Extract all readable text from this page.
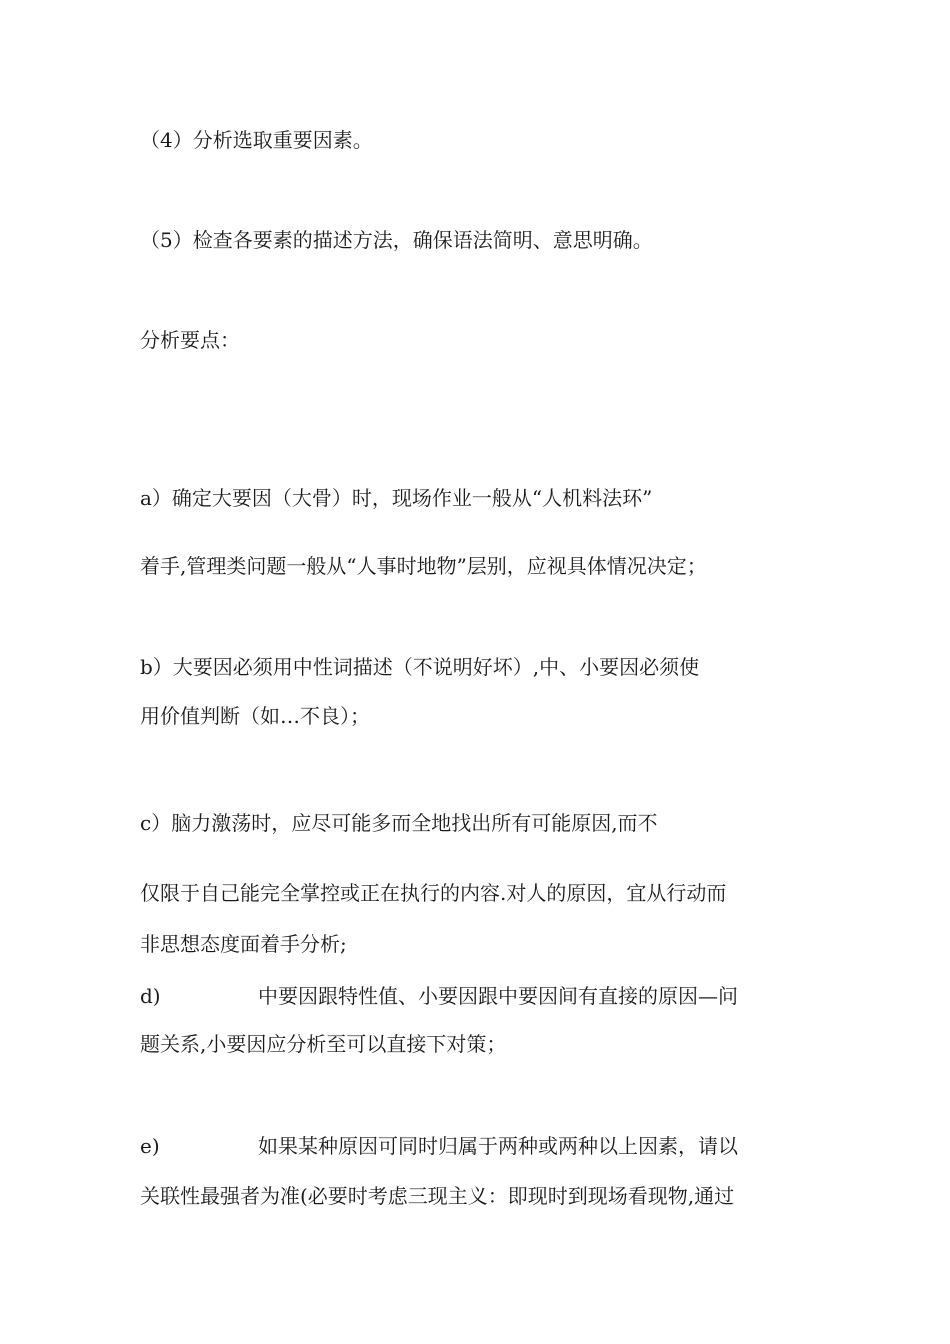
（4）分析选取重要因素。
（5）检查各要素的描述方法，确保语法简明、意思明确。
分析要点：
a）确定大要因（大骨）时，现场作业一般从“人机料法环”
着手,管理类问题一般从“人事时地物”层别，应视具体情况决定；
b）大要因必须用中性词描述（不说明好坏）,中、小要因必须使
用价值判断（如…不良）；
c）脑力激荡时，应尽可能多而全地找出所有可能原因,而不
仅限于自己能完全掌控或正在执行的内容.对人的原因，宜从行动而
非思想态度面着手分析;
d)	中要因跟特性值、小要因跟中要因间有直接的原因—问
题关系,小要因应分析至可以直接下对策；
e)	如果某种原因可同时归属于两种或两种以上因素，请以
关联性最强者为准(必要时考虑三现主义：即现时到现场看现物,通过
